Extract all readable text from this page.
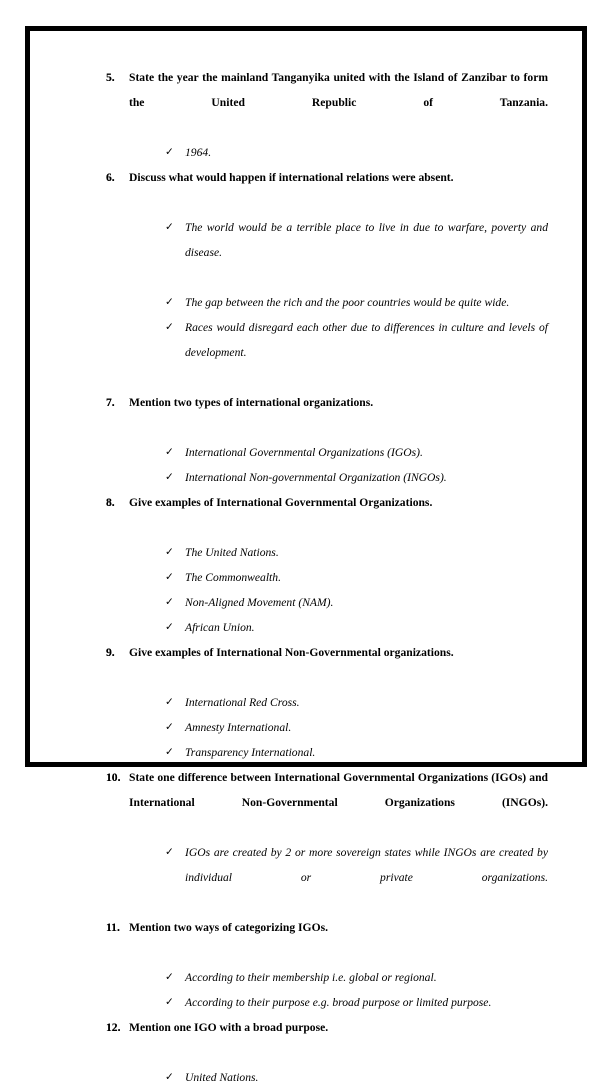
5. State the year the mainland Tanganyika united with the Island of Zanzibar to form the United Republic of Tanzania.
✓ 1964.
6. Discuss what would happen if international relations were absent.
✓ The world would be a terrible place to live in due to warfare, poverty and disease.
✓ The gap between the rich and the poor countries would be quite wide.
✓ Races would disregard each other due to differences in culture and levels of development.
7. Mention two types of international organizations.
✓ International Governmental Organizations (IGOs).
✓ International Non-governmental Organization (INGOs).
8. Give examples of International Governmental Organizations.
✓ The United Nations.
✓ The Commonwealth.
✓ Non-Aligned Movement (NAM).
✓ African Union.
9. Give examples of International Non-Governmental organizations.
✓ International Red Cross.
✓ Amnesty International.
✓ Transparency International.
10. State one difference between International Governmental Organizations (IGOs) and International Non-Governmental Organizations (INGOs).
✓ IGOs are created by 2 or more sovereign states while INGOs are created by individual or private organizations.
11. Mention two ways of categorizing IGOs.
✓ According to their membership i.e. global or regional.
✓ According to their purpose e.g. broad purpose or limited purpose.
12. Mention one IGO with a broad purpose.
✓ United Nations.
